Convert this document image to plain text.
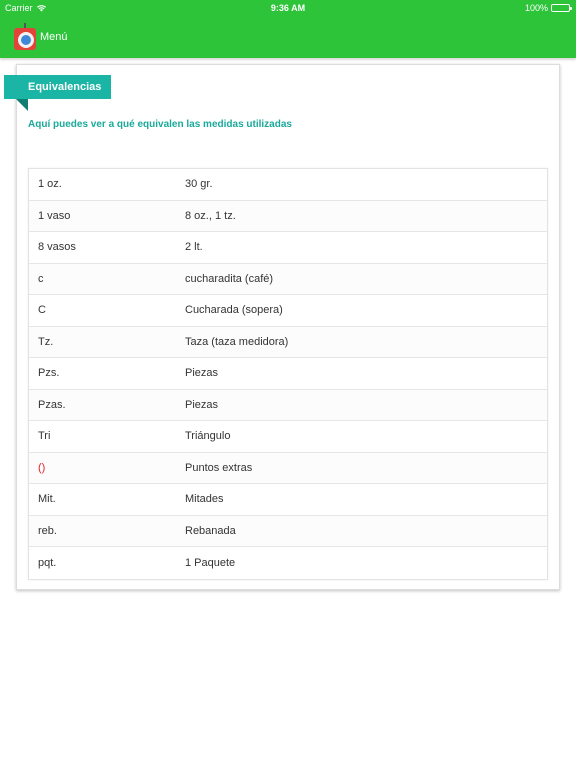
Carrier	9:36 AM	100%
Menú
Equivalencias
Aquí puedes ver a qué equivalen las medidas utilizadas
1 oz.	30 gr.
1 vaso	8 oz., 1 tz.
8 vasos	2 lt.
c	cucharadita (café)
C	Cucharada (sopera)
Tz.	Taza (taza medidora)
Pzs.	Piezas
Pzas.	Piezas
Tri	Triángulo
()	Puntos extras
Mit.	Mitades
reb.	Rebanada
pqt.	1 Paquete
